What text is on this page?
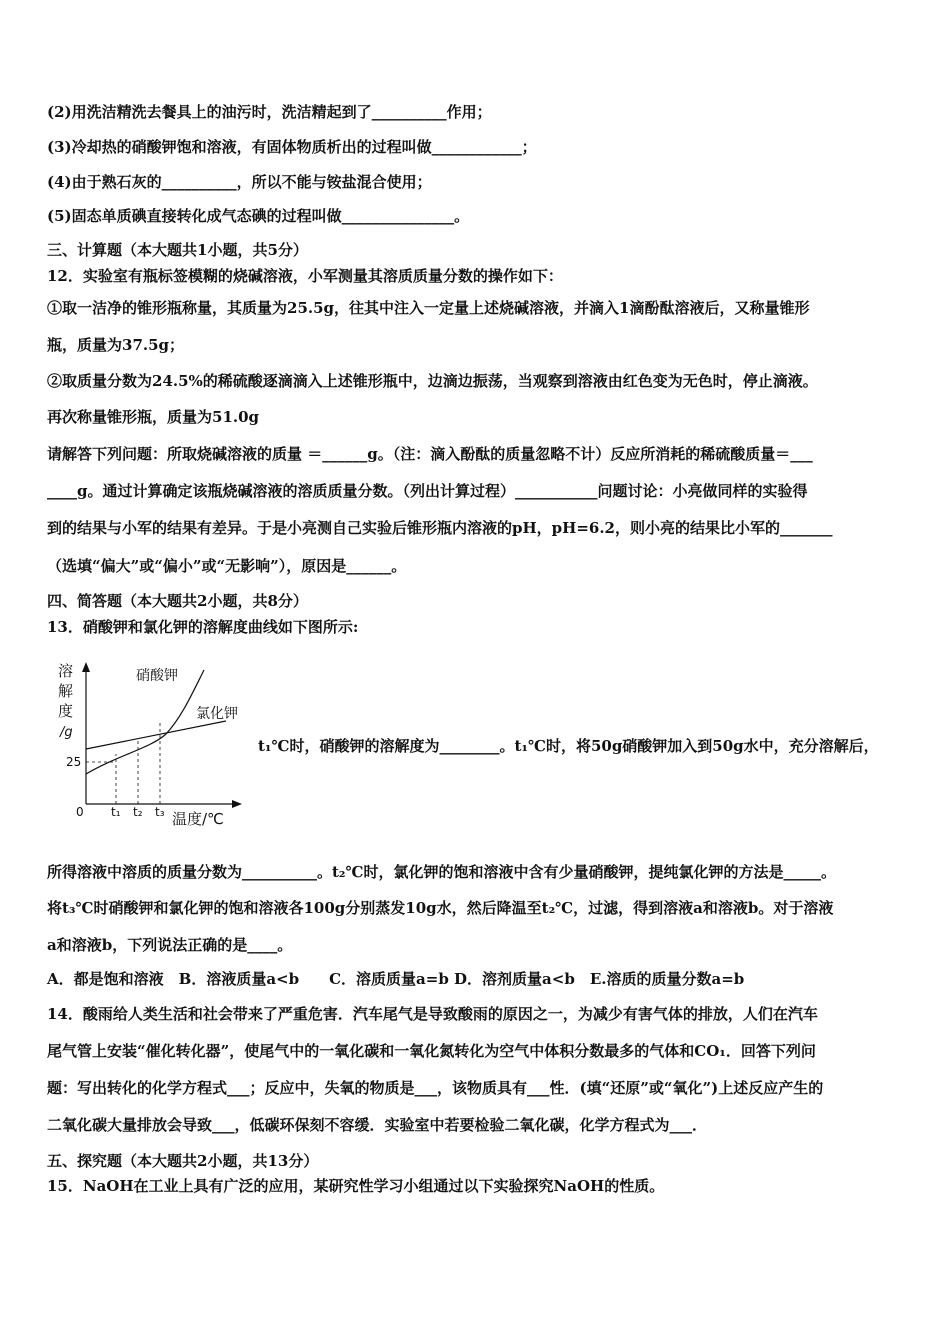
(2)用洗洁精洗去餐具上的油污时，洗洁精起到了__________作用；
(3)冷却热的硝酸钾饱和溶液，有固体物质析出的过程叫做____________；
(4)由于熟石灰的__________，所以不能与铵盐混合使用；
(5)固态单质碘直接转化成气态碘的过程叫做_______________。
三、计算题（本大题共1小题，共5分）
12．实验室有瓶标签模糊的烧碱溶液，小军测量其溶质质量分数的操作如下：
①取一洁净的锥形瓶称量，其质量为25.5g，往其中注入一定量上述烧碱溶液，并滴入1滴酚酞溶液后，又称量锥形
瓶，质量为37.5g；
②取质量分数为24.5%的稀硫酸逐滴滴入上述锥形瓶中，边滴边振荡，当观察到溶液由红色变为无色时，停止滴液。
再次称量锥形瓶，质量为51.0g
请解答下列问题：所取烧碱溶液的质量 ＝______g。（注：滴入酚酞的质量忽略不计）反应所消耗的稀硫酸质量＝___
____g。通过计算确定该瓶烧碱溶液的溶质质量分数。（列出计算过程）___________问题讨论：小亮做同样的实验得
到的结果与小军的结果有差异。于是小亮测自己实验后锥形瓶内溶液的pH，pH=6.2，则小亮的结果比小军的_______
（选填“偏大”或“偏小”或“无影响”），原因是______。
四、简答题（本大题共2小题，共8分）
13．硝酸钾和氯化钾的溶解度曲线如下图所示:
溶
解
度
/g
25
硝酸钾
氯化钾
0 t₁ t₂ t₃ 温度/℃
t₁℃时，硝酸钾的溶解度为________。t₁℃时，将50g硝酸钾加入到50g水中，充分溶解后，
所得溶液中溶质的质量分数为__________。t₂℃时，氯化钾的饱和溶液中含有少量硝酸钾，提纯氯化钾的方法是_____。
将t₃℃时硝酸钾和氯化钾的饱和溶液各100g分别蒸发10g水，然后降温至t₂℃，过滤，得到溶液a和溶液b。对于溶液
a和溶液b，下列说法正确的是____。
A．都是饱和溶液　B．溶液质量a<b　　C．溶质质量a=b D．溶剂质量a<b　E.溶质的质量分数a=b
14．酸雨给人类生活和社会带来了严重危害．汽车尾气是导致酸雨的原因之一，为减少有害气体的排放，人们在汽车
尾气管上安装“催化转化器”，使尾气中的一氧化碳和一氧化氮转化为空气中体积分数最多的气体和CO₁．回答下列问
题：写出转化的化学方程式___；反应中，失氧的物质是___，该物质具有___性．(填“还原”或“氧化”)上述反应产生的
二氧化碳大量排放会导致___，低碳环保刻不容缓．实验室中若要检验二氧化碳，化学方程式为___．
五、探究题（本大题共2小题，共13分）
15．NaOH在工业上具有广泛的应用，某研究性学习小组通过以下实验探究NaOH的性质。
